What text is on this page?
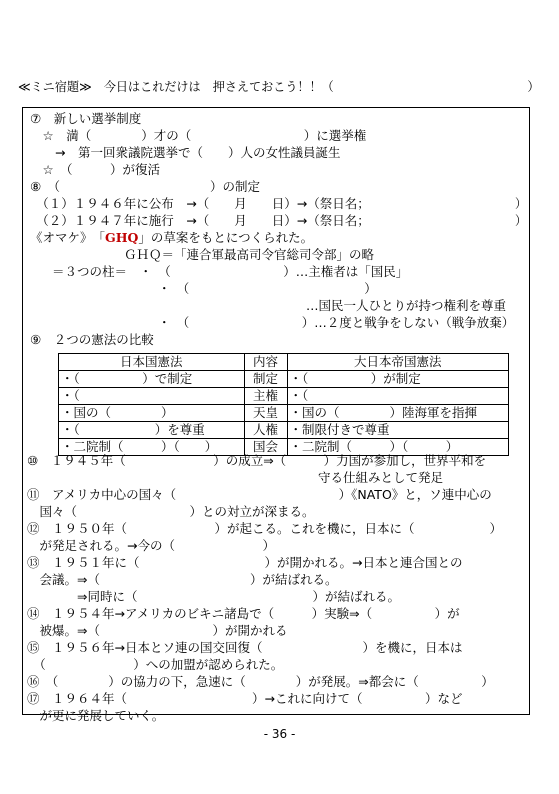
≪ミニ宿題≫　今日はこれだけは　押さえておこう！！（　　　　　　　　　　　　　　　　）
⑦　新しい選挙制度
　☆　満（　　　　）才の（　　　　　　　　　）に選挙権
　　→　第一回衆議院選挙で（　　）人の女性議員誕生
　☆　（　　　）が復活
⑧　（　　　　　　　　　　　　）の制定
　（１）１９４６年に公布　→（　　月　　日）→（祭日名；	）
　（２）１９４７年に施行　→（　　月　　日）→（祭日名；	）
《オマケ》　「GHQ」の草案をもとにつくられた。
ＧＨＱ＝「連合軍最高司令官総司令部」の略
＝３つの柱＝　・　（　　　　　　　　　）…主権者は「国民」
・　（　　　　　　　　　　　　　　）
…国民一人ひとりが持つ権利を尊重
・　（　　　　　　　　　）…２度と戦争をしない（戦争放棄）
⑨　２つの憲法の比較
日本国憲法	内容	大日本帝国憲法
・（　　　　　）で制定	制定	・（　　　　　）が制定
・（	主権	・（
・国の（　　　　）	天皇	・国の（　　　　）陸海軍を指揮
・（　　　　　　）を尊重	人権	・制限付きで尊重
・二院制（　　　）（　　）	国会	・二院制（　　　）（　　　）
⑩　１９４５年（　　　　　　　）の成立⇒（　　　）力国が参加し，世界平和を
守る仕組みとして発足
⑪　アメリカ中心の国々（　　　　　　　　　　　　　）《NATO》と，ソ連中心の
　国々（　　　　　　　　　）との対立が深まる。
⑫　１９５０年（　　　　　　　）が起こる。これを機に，日本に（　　　　　　）
　が発足される。→今の（　　　　　　　）
⑬　１９５１年に（　　　　　　　　　　）が開かれる。→日本と連合国との
　会議。⇒（　　　　　　　　　　　　）が結ばれる。
　　　　⇒同時に（　　　　　　　　　　　　　　）が結ばれる。
⑭　１９５４年→アメリカのビキニ諸島で（　　　）実験⇒（　　　　　）が
　被爆。⇒（　　　　　　　　　）が開かれる
⑮　１９５６年→日本とソ連の国交回復（　　　　　　　　）を機に，日本は
　（　　　　　　　）への加盟が認められた。
⑯　（　　　　）の協力の下，急速に（　　　　）が発展。⇒都会に（　　　　　）
⑰　１９６４年（　　　　　　　　　　）→これに向けて（　　　　　）など
　が更に発展していく。
- 36 -
